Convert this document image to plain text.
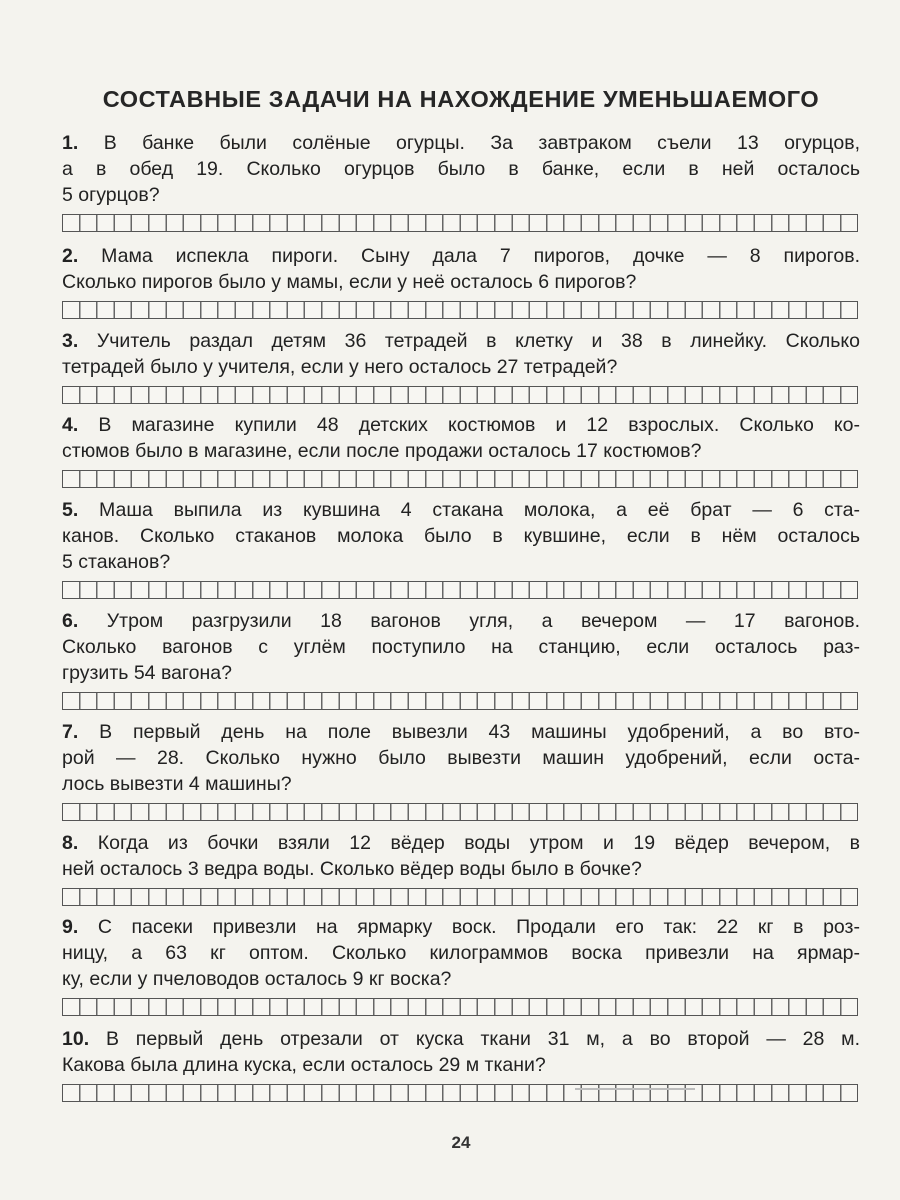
СОСТАВНЫЕ ЗАДАЧИ НА НАХОЖДЕНИЕ УМЕНЬШАЕМОГО

1. В банке были солёные огурцы. За завтраком съели 13 огурцов,

а в обед 19. Сколько огурцов было в банке, если в ней осталось

5 огурцов?

2. Мама испекла пироги. Сыну дала 7 пирогов, дочке — 8 пирогов.

Сколько пирогов было у мамы, если у неё осталось 6 пирогов?

3. Учитель раздал детям 36 тетрадей в клетку и 38 в линейку. Сколько

тетрадей было у учителя, если у него осталось 27 тетрадей?

4. В магазине купили 48 детских костюмов и 12 взрослых. Сколько ко-

стюмов было в магазине, если после продажи осталось 17 костюмов?

5. Маша выпила из кувшина 4 стакана молока, а её брат — 6 ста-

канов. Сколько стаканов молока было в кувшине, если в нём осталось

5 стаканов?

6. Утром разгрузили 18 вагонов угля, а вечером — 17 вагонов.

Сколько вагонов с углём поступило на станцию, если осталось раз-

грузить 54 вагона?

7. В первый день на поле вывезли 43 машины удобрений, а во вто-

рой — 28. Сколько нужно было вывезти машин удобрений, если оста-

лось вывезти 4 машины?

8. Когда из бочки взяли 12 вёдер воды утром и 19 вёдер вечером, в

ней осталось 3 ведра воды. Сколько вёдер воды было в бочке?

9. С пасеки привезли на ярмарку воск. Продали его так: 22 кг в роз-

ницу, а 63 кг оптом. Сколько килограммов воска привезли на ярмар-

ку, если у пчеловодов осталось 9 кг воска?

10. В первый день отрезали от куска ткани 31 м, а во второй — 28 м.

Какова была длина куска, если осталось 29 м ткани?

24
